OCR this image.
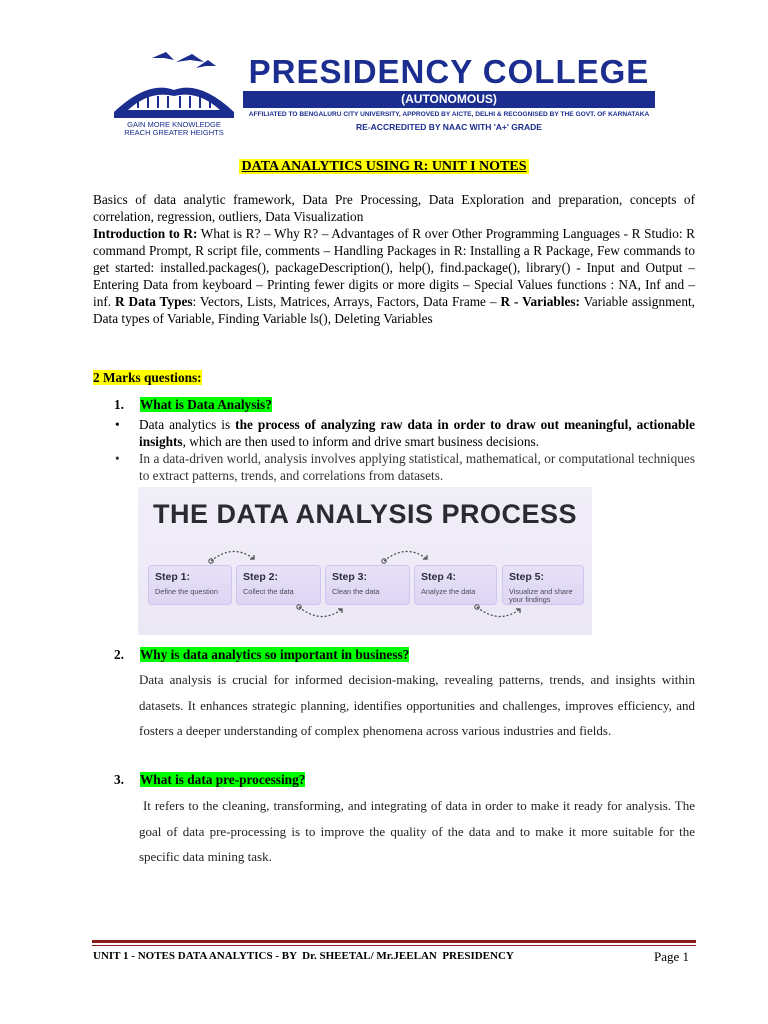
GAIN MORE KNOWLEDGE
REACH GREATER HEIGHTS
PRESIDENCY COLLEGE
(AUTONOMOUS)
AFFILIATED TO BENGALURU CITY UNIVERSITY, APPROVED BY AICTE, DELHI & RECOGNISED BY THE GOVT. OF KARNATAKA
RE-ACCREDITED BY NAAC WITH 'A+' GRADE
DATA ANALYTICS USING R: UNIT I NOTES
Basics of data analytic framework, Data Pre Processing, Data Exploration and preparation, concepts of correlation, regression, outliers, Data Visualization
Introduction to R: What is R? – Why R? – Advantages of R over Other Programming Languages - R Studio: R command Prompt, R script file, comments – Handling Packages in R: Installing a R Package, Few commands to get started: installed.packages(), packageDescription(), help(), find.package(), library() - Input and Output – Entering Data from keyboard – Printing fewer digits or more digits – Special Values functions : NA, Inf and –inf. R Data Types: Vectors, Lists, Matrices, Arrays, Factors, Data Frame – R - Variables: Variable assignment, Data types of Variable, Finding Variable ls(), Deleting Variables
2 Marks questions:
1. What is Data Analysis?
• Data analytics is the process of analyzing raw data in order to draw out meaningful, actionable insights, which are then used to inform and drive smart business decisions.
• In a data-driven world, analysis involves applying statistical, mathematical, or computational techniques to extract patterns, trends, and correlations from datasets.
THE DATA ANALYSIS PROCESS
Step 1:
Define the question
Step 2:
Collect the data
Step 3:
Clean the data
Step 4:
Analyze the data
Step 5:
Visualize and share your findings
2. Why is data analytics so important in business?
Data analysis is crucial for informed decision-making, revealing patterns, trends, and insights within datasets. It enhances strategic planning, identifies opportunities and challenges, improves efficiency, and fosters a deeper understanding of complex phenomena across various industries and fields.
3. What is data pre-processing?
It refers to the cleaning, transforming, and integrating of data in order to make it ready for analysis. The goal of data pre-processing is to improve the quality of the data and to make it more suitable for the specific data mining task.
UNIT 1 - NOTES DATA ANALYTICS - BY  Dr. SHEETAL/ Mr.JEELAN  PRESIDENCY	Page 1
